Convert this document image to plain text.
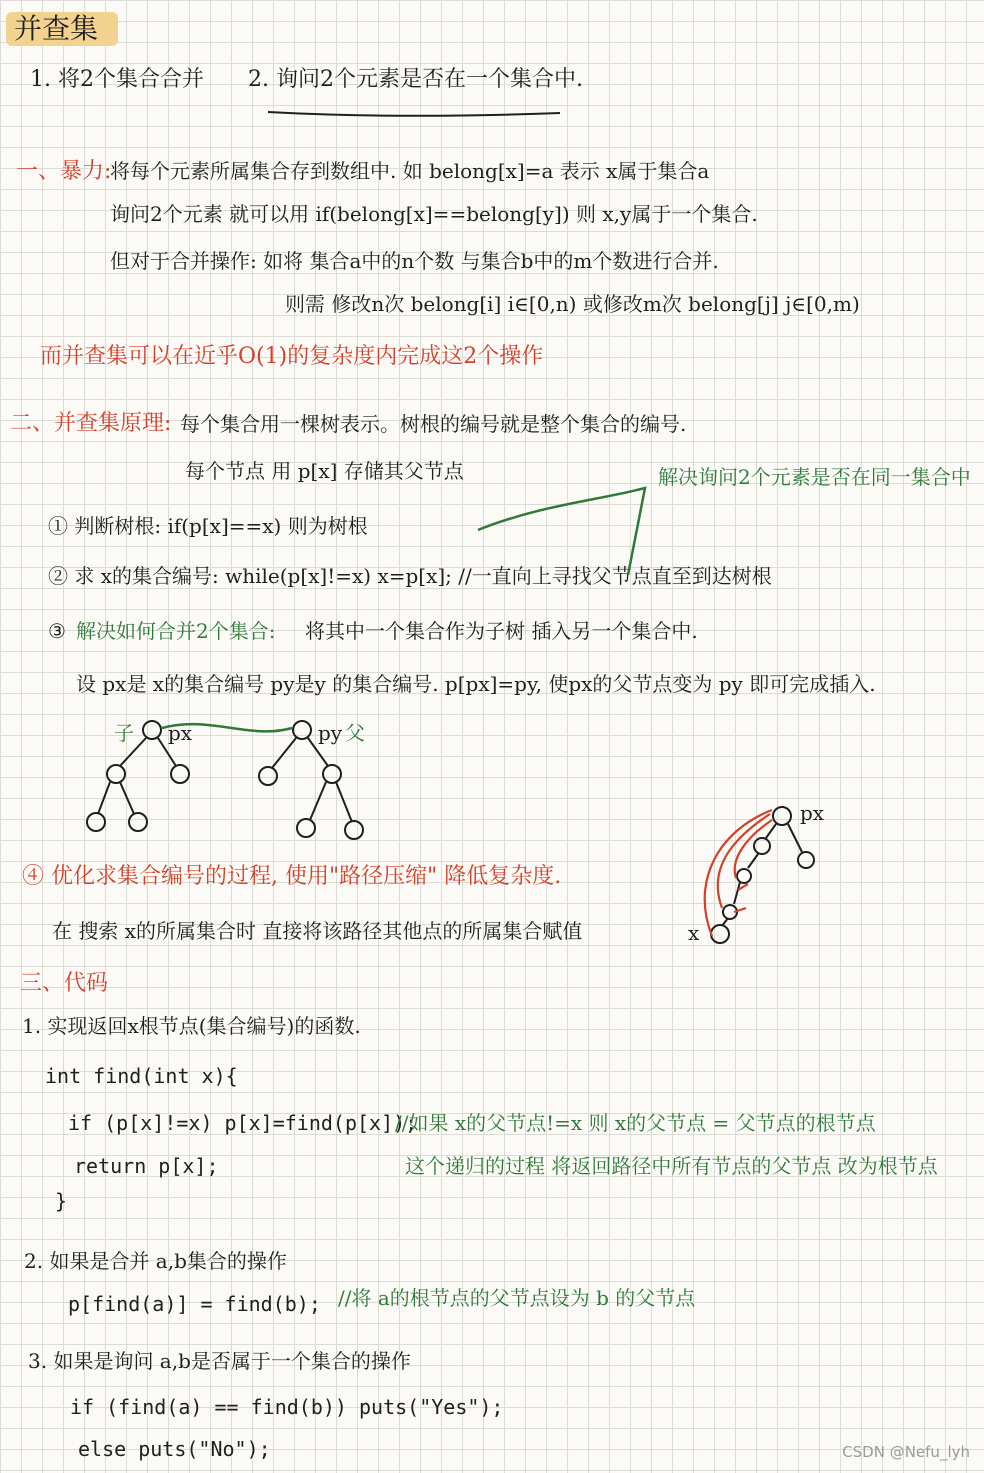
并查集
1. 将2个集合合并 2. 询问2个元素是否在一个集合中.
一、暴力:
将每个元素所属集合存到数组中. 如 belong[x]=a 表示 x属于集合a
询问2个元素 就可以用 if(belong[x]==belong[y]) 则 x,y属于一个集合.
但对于合并操作: 如将 集合a中的n个数 与集合b中的m个数进行合并.
则需 修改n次 belong[i] i∈[0,n) 或修改m次 belong[j] j∈[0,m)
而并查集可以在近乎O(1)的复杂度内完成这2个操作
二、并查集原理: 每个集合用一棵树表示。树根的编号就是整个集合的编号.
每个节点 用 p[x] 存储其父节点	解决询问2个元素是否在同一集合中
① 判断树根: if(p[x]==x) 则为树根
② 求 x的集合编号: while(p[x]!=x) x=p[x]; //一直向上寻找父节点直至到达树根
③ 解决如何合并2个集合: 将其中一个集合作为子树 插入另一个集合中.
设 px是 x的集合编号 py是y 的集合编号. p[px]=py, 使px的父节点变为 py 即可完成插入.
子 px	py 父
px
x
④ 优化求集合编号的过程, 使用"路径压缩" 降低复杂度.
在 搜索 x的所属集合时 直接将该路径其他点的所属集合赋值
三、代码
1. 实现返回x根节点(集合编号)的函数.
int find(int x){
if (p[x]!=x) p[x]=find(p[x]);
return p[x];
}
//如果 x的父节点!=x 则 x的父节点 = 父节点的根节点
这个递归的过程 将返回路径中所有节点的父节点 改为根节点
2. 如果是合并 a,b集合的操作
p[find(a)] = find(b); //将 a的根节点的父节点设为 b 的父节点
3. 如果是询问 a,b是否属于一个集合的操作
if (find(a) == find(b)) puts("Yes");
else puts("No");	CSDN @Nefu_lyh
